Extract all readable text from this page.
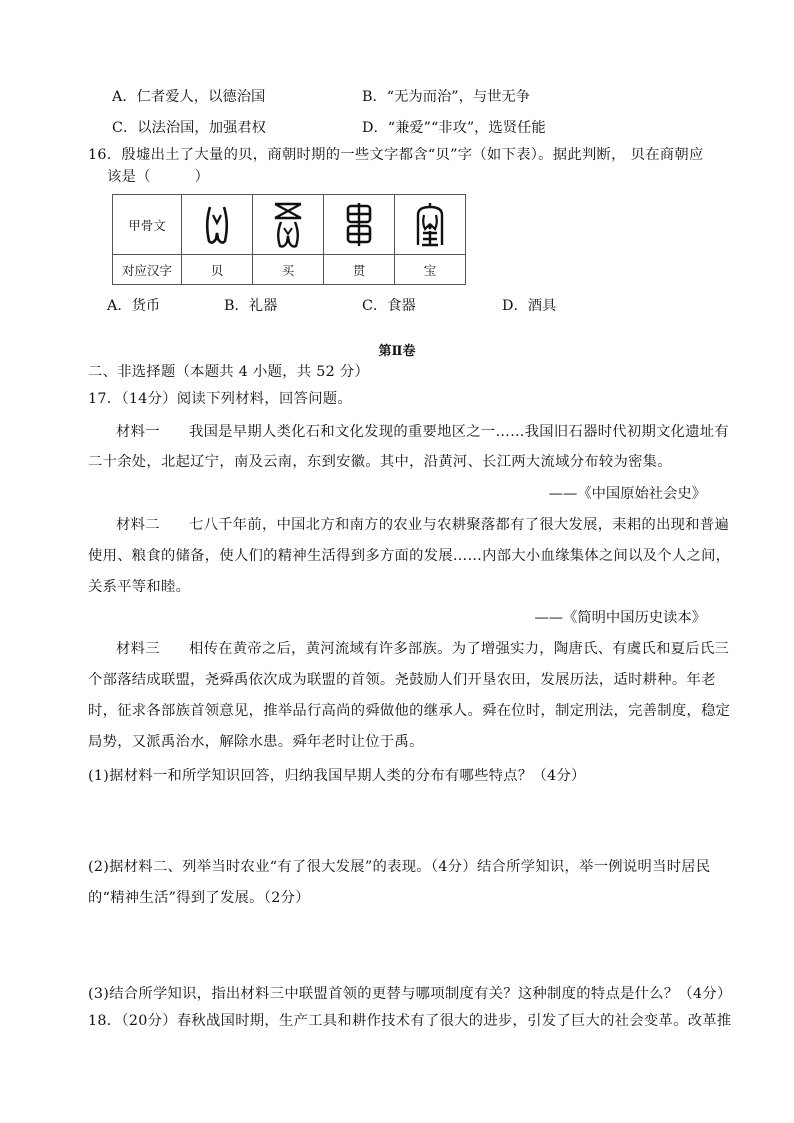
A．仁者爱人，以德治国	B．“无为而治”，与世无争
C．以法治国，加强君权	D．“兼爱”“非攻”，选贤任能
16．殷墟出土了大量的贝，商朝时期的一些文字都含“贝”字（如下表）。据此判断， 贝在商朝应
该是（　　　）
甲骨文	

对应汉字	贝	买	贯	宝
A．货币	B．礼器	C．食器	D．酒具
第Ⅱ卷
二、非选择题（本题共 4 小题，共 52 分）
17．（14分）阅读下列材料，回答问题。
材料一　　我国是早期人类化石和文化发现的重要地区之一……我国旧石器时代初期文化遗址有
二十余处，北起辽宁，南及云南，东到安徽。其中，沿黄河、长江两大流域分布较为密集。
——《中国原始社会史》
材料二　　七八千年前，中国北方和南方的农业与农耕聚落都有了很大发展，耒耜的出现和普遍
使用、粮食的储备，使人们的精神生活得到多方面的发展……内部大小血缘集体之间以及个人之间，
关系平等和睦。
——《简明中国历史读本》
材料三　　相传在黄帝之后，黄河流域有许多部族。为了增强实力，陶唐氏、有虞氏和夏后氏三
个部落结成联盟，尧舜禹依次成为联盟的首领。尧鼓励人们开垦农田，发展历法，适时耕种。年老
时，征求各部族首领意见，推举品行高尚的舜做他的继承人。舜在位时，制定刑法，完善制度，稳定
局势，又派禹治水，解除水患。舜年老时让位于禹。
(1)据材料一和所学知识回答，归纳我国早期人类的分布有哪些特点？（4分）
(2)据材料二、列举当时农业“有了很大发展”的表现。（4分）结合所学知识，举一例说明当时居民
的“精神生活”得到了发展。（2分）
(3)结合所学知识，指出材料三中联盟首领的更替与哪项制度有关？这种制度的特点是什么？（4分）
18．（20分）春秋战国时期，生产工具和耕作技术有了很大的进步，引发了巨大的社会变革。改革推
